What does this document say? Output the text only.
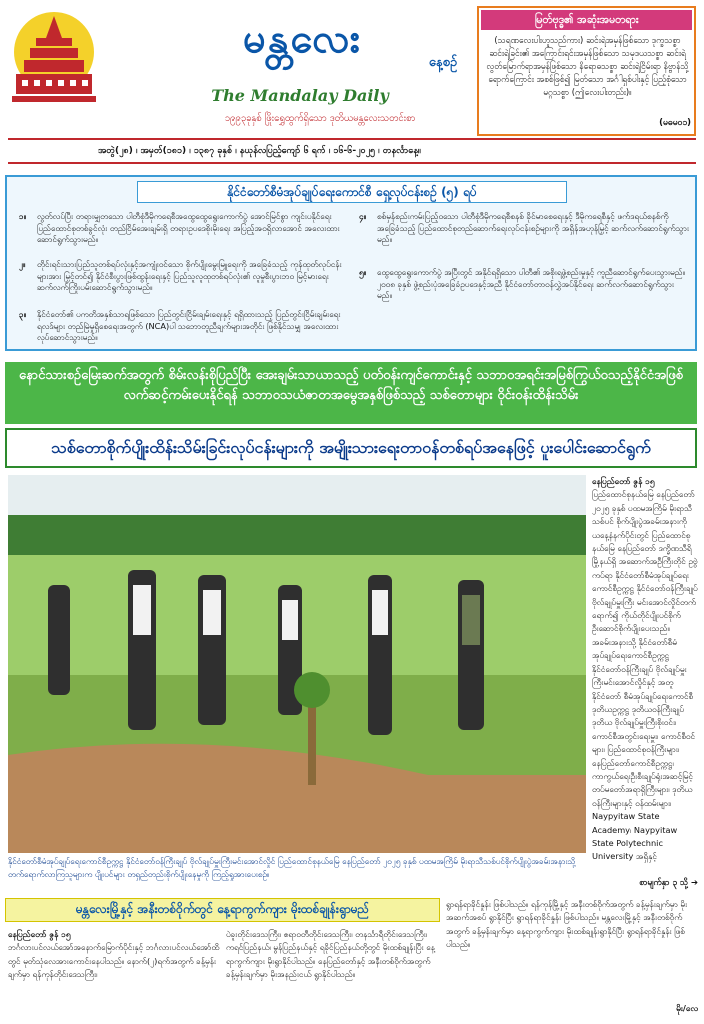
မန္တလေး
နေ့စဉ်
The Mandalay Daily
၁၉၉၃ခုနှစ် ဖြိုးရွှေထွက်ရှိသော ဒုတိယမန္တလေးသတင်းစာ
မြတ်ဗုဒ္ဓ၏ အဆုံးအမတရား
(သရဏလေးပါးဟူသည်ကား) ဆင်းရဲအမှန်ဖြစ်သော ဒုက္ခသစ္စာ ဆင်းရဲခြင်း၏ အကြောင်းရင်းအမှန်ဖြစ်သော သမုဒယသစ္စာ ဆင်းရဲ လွတ်မြောက်ရာအမှန်ဖြစ်သော နိရောဓသစ္စာ ဆင်းရဲငြိမ်းရာ နိဗ္ဗာန်သို့ရောက်ကြောင်း အစစ်ဖြစ်၍ မြတ်သော အင်္ဂါရှစ်ပါးနှင့် ပြည့်စုံသော မဂ္ဂသစ္စာ (ဤလေးပါးတည်း)။
(မဓမ၀၁)
အတွဲ(၂၈) ၊ အမှတ်(၁၈၁) ၊ ၁၃၈၇ ခုနှစ် ၊ နယုန်လပြည့်ကျော် ၆ ရက် ၊ ၁၆-၆-၂၀၂၅ ၊ တနင်္လာနေ့။
နိုင်ငံတော်စီမံအုပ်ချုပ်ရေးကောင်စီ ရှေ့လုပ်ငန်းစဉ် (၅) ရပ်
၁။	လွတ်လပ်ပြီး တရားမျှတသော ပါတီစုံဒီမိုကရေစီအထွေထွေရွေးကောက်ပွဲ အောင်မြင်စွာ ကျင်းပနိုင်ရေး ပြည်ထောင်စုတစ်ခွင်လုံး တည်ငြိမ်အေးချမ်းရှိ တရားဥပဒေစိုးမိုးရေး အပြည့်အဝရှိလာအောင် အလေးထားဆောင်ရွက်သွားမည်။
၂။	တိုင်းရင်းသားပြည်သူတစ်ရပ်လုံးနှင့်အကျုံးဝင်သော စိုက်ပျိုးမွေးမြူရေးကို အခြေခံသည့် ကုန်ထုတ်လုပ်ငန်းများအား မြှင့်တင်၍ နိုင်ငံစီးပွားဖြစ်ထွန်းရေးနှင့် ပြည်သူလူထုတစ်ရပ်လုံး၏ လူမှုစီးပွားဘဝ မြင့်မားရေး ဆက်လက်ကြိုးပမ်းဆောင်ရွက်သွားမည်။
၃။	နိုင်ငံတော်၏ ပကတိအနှစ်သာရဖြစ်သော ပြည်တွင်းငြိမ်းချမ်းရေးနှင့် ရရှိထားသည့် ပြည်တွင်းငြိမ်းချမ်းရေးရလဒ်များ တည်မြဲမှုရှိစေရေးအတွက် (NCA)ပါ သဘောတူညီချက်များအတိုင်း ဖြစ်နိုင်သမျှ အလေးထား လုပ်ဆောင်သွားမည်။
၄။	စစ်မှန်စည်းကမ်းပြည့်ဝသော ပါတီစုံဒီမိုကရေစီစနစ် ခိုင်မာစေရေးနှင့် ဒီမိုကရေစီနှင့် ဖက်ဒရယ်စနစ်ကို အခြေခံသည့် ပြည်ထောင်စုတည်ဆောက်ရေးလုပ်ငန်းစဉ်များကို အရှိန်အဟုန်မြှင့် ဆက်လက်ဆောင်ရွက်သွားမည်။
၅။	ထွေထွေရွေးကောက်ပွဲ အပြီးတွင် အနိုင်ရရှိသော ပါတီ၏ အစိုးရဖွဲ့စည်းမှုနှင့် ကူညီဆောင်ရွက်ပေးသွားမည်။ ၂၀၀၈ ခုနှစ် ဖွဲ့စည်းပုံအခြေခံဥပဒေနှင့်အညီ နိုင်ငံတော်တာဝန်လွှဲအပ်နိုင်ရေး ဆက်လက်ဆောင်ရွက်သွားမည်။
နောင်သားစဉ်မြေးဆက်အတွက် စိမ်းလန်းစိုပြည်ပြီး အေးချမ်းသာယာသည့် ပတ်ဝန်းကျင်ကောင်းနှင့် သဘာဝအရင်းအမြစ်ကြွယ်ဝသည့်နိုင်ငံအဖြစ် လက်ဆင့်ကမ်းပေးနိုင်ရန် သဘာဝသယံဇာတအမွေအနှစ်ဖြစ်သည့် သစ်တောများ ဝိုင်းဝန်းထိန်းသိမ်း
သစ်တောစိုက်ပျိုးထိန်းသိမ်းခြင်းလုပ်ငန်းများကို အမျိုးသားရေးတာဝန်တစ်ရပ်အနေဖြင့် ပူးပေါင်းဆောင်ရွက်
နိုင်ငံတော်စီမံအုပ်ချုပ်ရေးကောင်စီဥက္ကဋ္ဌ နိုင်ငံတော်ဝန်ကြီးချုပ် ဗိုလ်ချုပ်မှူးကြီးမင်းအောင်လှိုင် ပြည်ထောင်စုနယ်မြေ နေပြည်တော် ၂၀၂၅ ခုနှစ် ပထမအကြိမ် မိုးရာသီသစ်ပင်စိုက်ပျိုးပွဲအခမ်းအနားသို့ တက်ရောက်လာကြသူများက ပျိုးပင်များ တရှည်တည်းစိုက်ပျိုးနေမှုကို ကြည့်ရှုအားပေးစဉ်။
နေပြည်တော် ဇွန် ၁၅
ပြည်ထောင်စုနယ်မြေ နေပြည်တော် ၂၀၂၅ ခုနှစ် ပထမအကြိမ် မိုးရာသီသစ်ပင် စိုက်ပျိုးပွဲအခမ်းအနားကို ယနေ့နံနက်ပိုင်းတွင် ပြည်ထောင်စုနယ်မြေ နေပြည်တော် ဒက္ခိဏသီရိမြို့နယ်ရှိ အဆောက်အဦကြီးတိုင် ဥဗွဲကပ်ရာ နိုင်ငံတော်စီမံအုပ်ချုပ်ရေးကောင်စီဥက္ကဋ္ဌ နိုင်ငံတော်ဝန်ကြီးချုပ် ဗိုလ်ချုပ်မှူးကြီး မင်းအောင်လှိုင်တက်ရောက်၍ ကိုယ်တိုင်ပျိုးပင်စိုက် ဦးဆောင်စိုက်ပျိုးပေးသည်။ အခမ်းအနားသို့ နိုင်ငံတော်စီမံအုပ်ချုပ်ရေးကောင်စီဥက္ကဋ္ဌ နိုင်ငံတော်ဝန်ကြီးချုပ် ဗိုလ်ချုပ်မှူးကြီးမင်းအောင်လှိုင်နှင့် အတူ နိုင်ငံတော် စီမံအုပ်ချုပ်ရေးကောင်စီ ဒုတိယဥက္ကဋ္ဌ ဒုတိယဝန်ကြီးချုပ် ဒုတိယ ဗိုလ်ချုပ်မှူးကြီးစိုးဝင်း၊ ကောင်စီအတွင်းရေးမှူး၊ ကောင်စီဝင်များ၊ ပြည်ထောင်စုဝန်ကြီးများ၊ နေပြည်တော်ကောင်စီဥက္ကဋ္ဌ၊ ကာကွယ်ရေးဦးစီးချုပ်ရုံးအဆင့်မြင့်တပ်မတော်အရာရှိကြီးများ၊ ဒုတိယဝန်ကြီးများနှင့် ဝန်ထမ်းများ၊ Naypyitaw State Academy၊ Naypyitaw State Polytechnic University အရှိနှင့်
စာမျက်နှာ ၃ သို့ ➔
မန္တလေးမြို့နှင့် အနီးတစ်ဝိုက်တွင် နေ့ရာကွက်ကျား မိုးထစ်ချုန်းရွာမည်
နေပြည်တော် ဇွန် ၁၅
ဘင်္ဂလားပင်လယ်အော်အနောက်မြောက်ပိုင်းနှင့် ဘင်္ဂလားပင်လယ်အော်ထိတွင် မုတ်သုံလေအားကောင်းနေပါသည်။ နောက်(၂)ရက်အတွက် ခန့်မှန်းချက်မှာ ရန်ကုန်တိုင်းဒေသကြီး၊
ပဲခူးတိုင်းဒေသကြီး၊ ဧရာဝတီတိုင်းဒေသကြီး၊ တနင်္သာရီတိုင်းဒေသကြီး၊ ကရင်ပြည်နယ်၊ မွန်ပြည်နယ်နှင့် ရခိုင်ပြည်နယ်တို့တွင် မိုးထစ်ချုန်းပြီး နေ့ရာကွက်ကျား မိုးရွာနိုင်ပါသည်။ နေပြည်တော်နှင့် အနီးတစ်ဝိုက်အတွက် ခန့်မှန်းချက်မှာ မိုးအနည်းငယ် ရွာနိုင်ပါသည်။
ရွာရန်ရာခိုင်နှုန်း ဖြစ်ပါသည်။ ရန်ကုန်မြို့နှင့် အနီးတစ်ဝိုက်အတွက် ခန့်မှန်းချက်မှာ မိုးအဆက်အစပ် ရွာနိုင်ပြီး ရွာရန်ရာခိုင်နှုန်း ဖြစ်ပါသည်။ မန္တလေးမြို့နှင့် အနီးတစ်ဝိုက်အတွက် ခန့်မှန်းချက်မှာ နေ့ရာကွက်ကျား မိုးထစ်ချုန်းရွာနိုင်ပြီး ရွာရန်ရာခိုင်နှုန်း ဖြစ်ပါသည်။
မိုး/လေ
